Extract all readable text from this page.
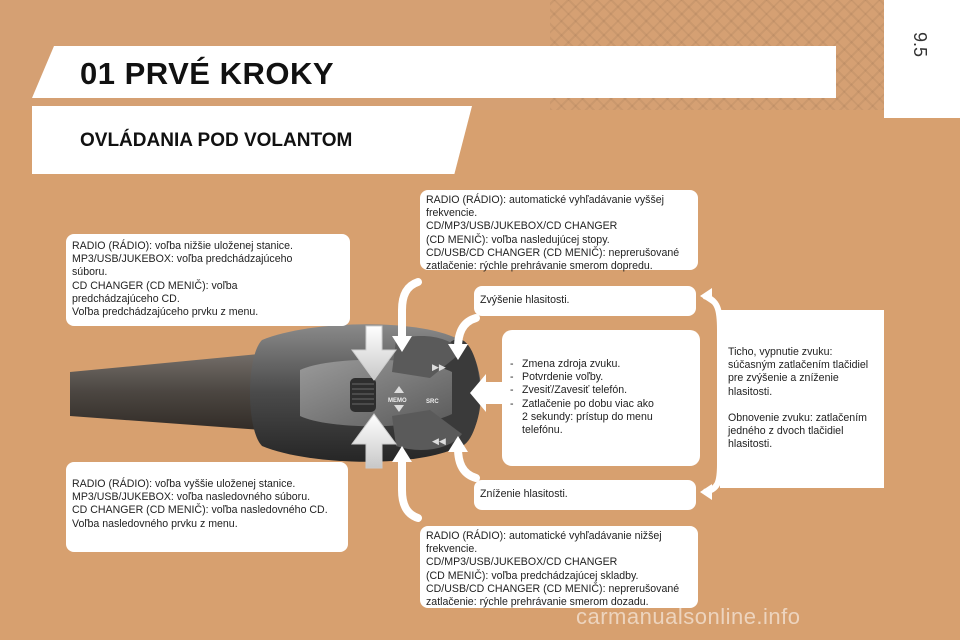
9.5
01 PRVÉ KROKY
OVLÁDANIA POD VOLANTOM
▶▶
◀◀
MEMO	SRC
RADIO (RÁDIO): voľba nižšie uloženej stanice.
MP3/USB/JUKEBOX: voľba predchádzajúceho
súboru.
CD CHANGER (CD MENIČ): voľba
predchádzajúceho CD.
Voľba predchádzajúceho prvku z menu.
RADIO (RÁDIO): voľba vyššie uloženej stanice.
MP3/USB/JUKEBOX: voľba nasledovného súboru.
CD CHANGER (CD MENIČ): voľba nasledovného CD.
Voľba nasledovného prvku z menu.
RADIO (RÁDIO): automatické vyhľadávanie vyššej
frekvencie.
CD/MP3/USB/JUKEBOX/CD CHANGER
(CD MENIČ): voľba nasledujúcej stopy.
CD/USB/CD CHANGER (CD MENIČ): neprerušované
zatlačenie: rýchle prehrávanie smerom dopredu.
RADIO (RÁDIO): automatické vyhľadávanie nižšej
frekvencie.
CD/MP3/USB/JUKEBOX/CD CHANGER
(CD MENIČ): voľba predchádzajúcej skladby.
CD/USB/CD CHANGER (CD MENIČ): neprerušované
zatlačenie: rýchle prehrávanie smerom dozadu.
Zvýšenie hlasitosti.
Zníženie hlasitosti.
- Zmena zdroja zvuku.
- Potvrdenie voľby.
- Zvesiť/Zavesiť telefón.
- Zatlačenie po dobu viac ako
2 sekundy: prístup do menu
telefónu.

Ticho, vypnutie zvuku:
súčasným zatlačením tlačidiel
pre zvýšenie a zníženie
hlasitosti.

Obnovenie zvuku: zatlačením
jedného z dvoch tlačidiel
hlasitosti.

carmanualsonline.info
